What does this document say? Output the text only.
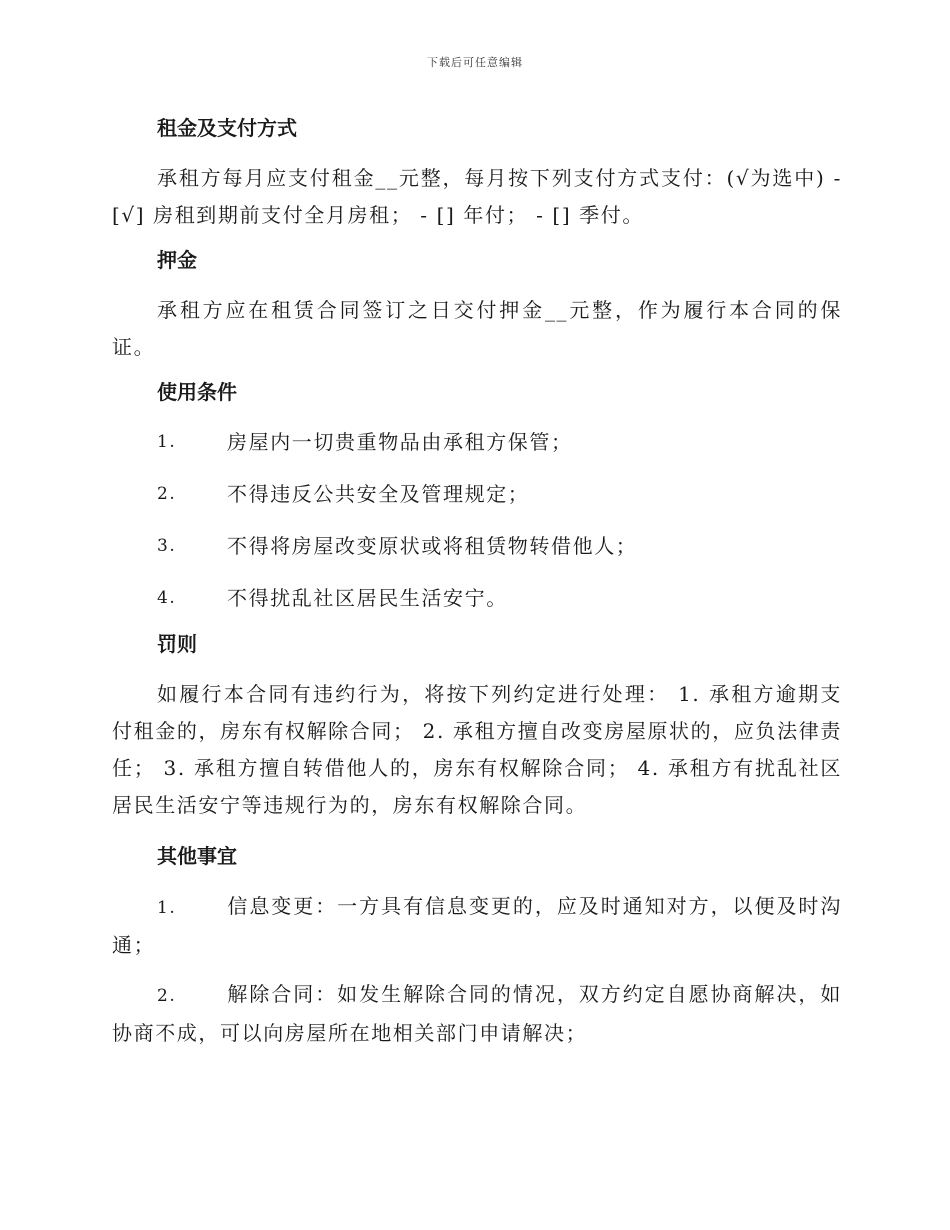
下载后可任意编辑
租金及支付方式
承租方每月应支付租金__元整，每月按下列支付方式支付：(√为选中) - [√] 房租到期前支付全月房租； - [] 年付； - [] 季付。
押金
承租方应在租赁合同签订之日交付押金__元整，作为履行本合同的保证。
使用条件
1.	房屋内一切贵重物品由承租方保管；
2.	不得违反公共安全及管理规定；
3.	不得将房屋改变原状或将租赁物转借他人；
4.	不得扰乱社区居民生活安宁。
罚则
如履行本合同有违约行为，将按下列约定进行处理： 1. 承租方逾期支付租金的，房东有权解除合同； 2. 承租方擅自改变房屋原状的，应负法律责任； 3. 承租方擅自转借他人的，房东有权解除合同； 4. 承租方有扰乱社区居民生活安宁等违规行为的，房东有权解除合同。
其他事宜
1.	信息变更：一方具有信息变更的，应及时通知对方，以便及时沟通；
2.	解除合同：如发生解除合同的情况，双方约定自愿协商解决，如协商不成，可以向房屋所在地相关部门申请解决；
